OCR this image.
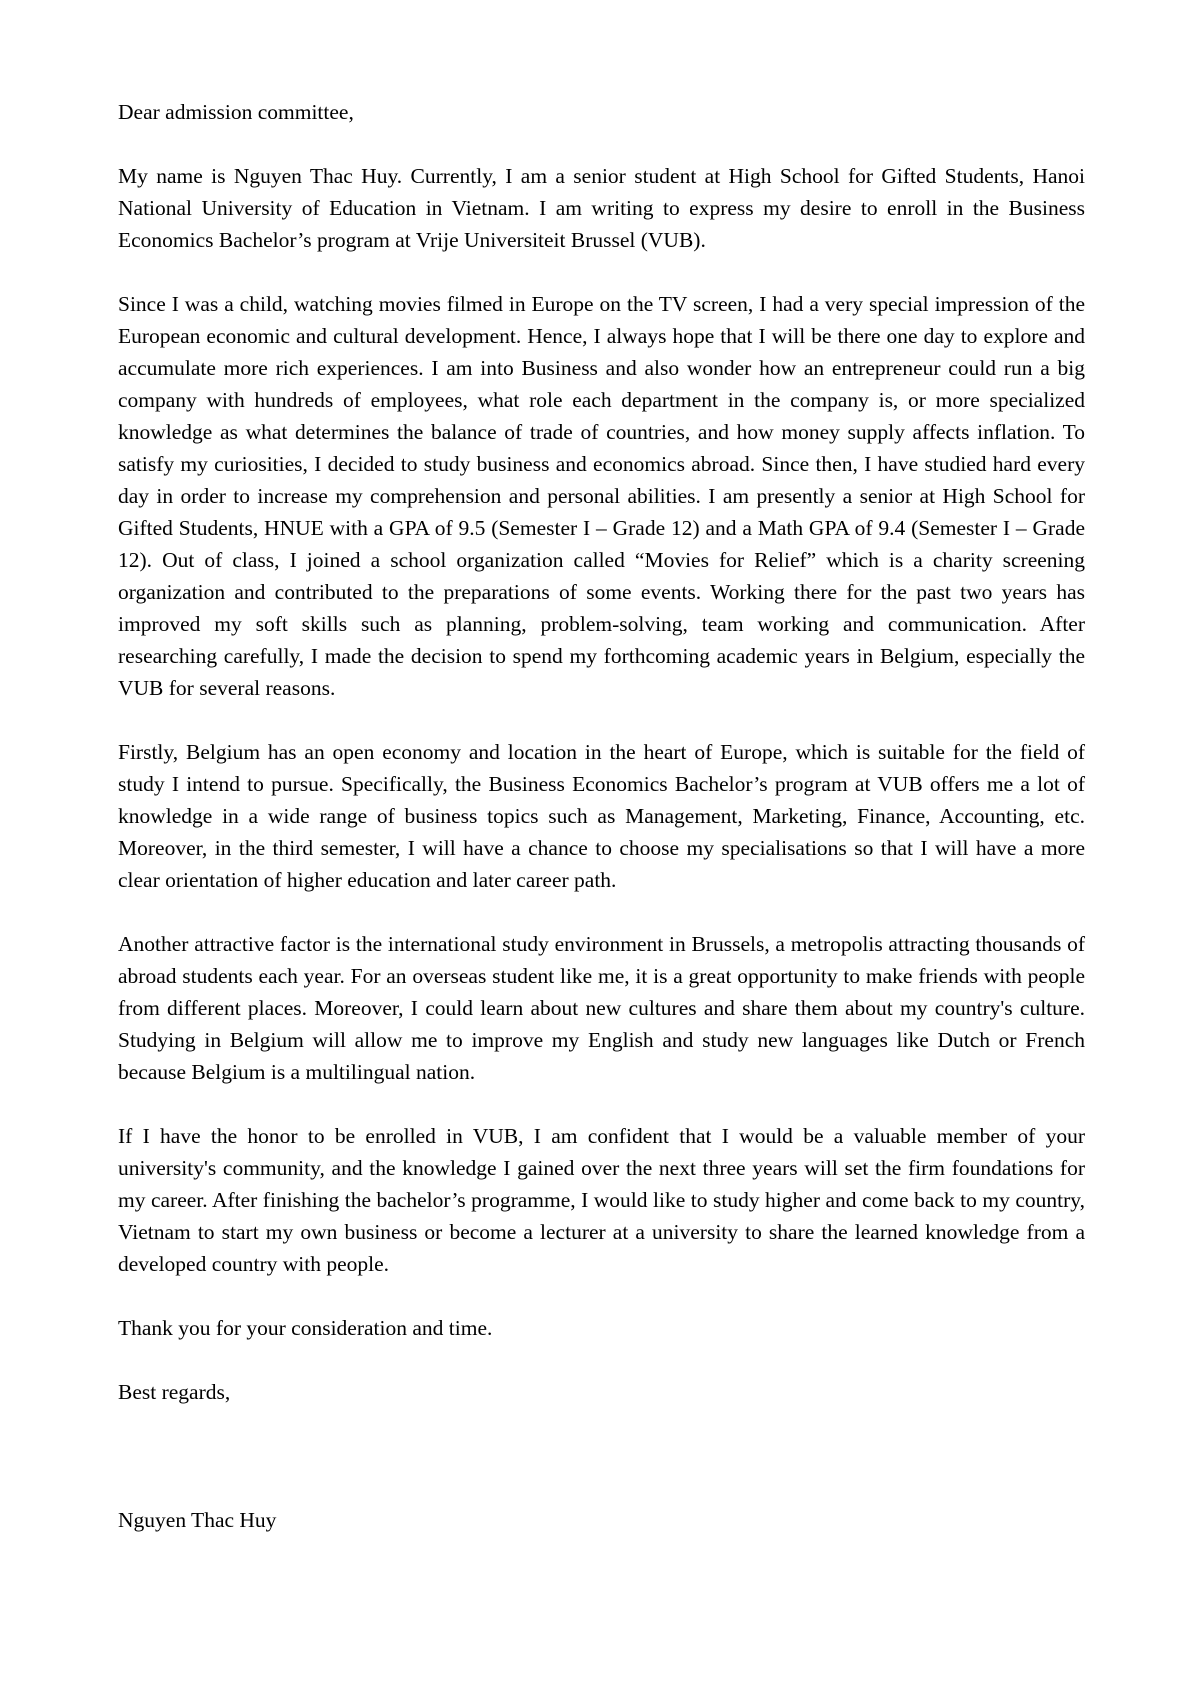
Dear admission committee,

My name is Nguyen Thac Huy. Currently, I am a senior student at High School for Gifted Students, Hanoi National University of Education in Vietnam. I am writing to express my desire to enroll in the Business Economics Bachelor’s program at Vrije Universiteit Brussel (VUB).

Since I was a child, watching movies filmed in Europe on the TV screen, I had a very special impression of the European economic and cultural development. Hence, I always hope that I will be there one day to explore and accumulate more rich experiences. I am into Business and also wonder how an entrepreneur could run a big company with hundreds of employees, what role each department in the company is, or more specialized knowledge as what determines the balance of trade of countries, and how money supply affects inflation. To satisfy my curiosities, I decided to study business and economics abroad. Since then, I have studied hard every day in order to increase my comprehension and personal abilities. I am presently a senior at High School for Gifted Students, HNUE with a GPA of 9.5 (Semester I – Grade 12) and a Math GPA of 9.4 (Semester I – Grade 12). Out of class, I joined a school organization called “Movies for Relief” which is a charity screening organization and contributed to the preparations of some events. Working there for the past two years has improved my soft skills such as planning, problem-solving, team working and communication. After researching carefully, I made the decision to spend my forthcoming academic years in Belgium, especially the VUB for several reasons.

Firstly, Belgium has an open economy and location in the heart of Europe, which is suitable for the field of study I intend to pursue. Specifically, the Business Economics Bachelor’s program at VUB offers me a lot of knowledge in a wide range of business topics such as Management, Marketing, Finance, Accounting, etc. Moreover, in the third semester, I will have a chance to choose my specialisations so that I will have a more clear orientation of higher education and later career path.

Another attractive factor is the international study environment in Brussels, a metropolis attracting thousands of abroad students each year. For an overseas student like me, it is a great opportunity to make friends with people from different places. Moreover, I could learn about new cultures and share them about my country's culture. Studying in Belgium will allow me to improve my English and study new languages like Dutch or French because Belgium is a multilingual nation.

If I have the honor to be enrolled in VUB, I am confident that I would be a valuable member of your university's community, and the knowledge I gained over the next three years will set the firm foundations for my career. After finishing the bachelor’s programme, I would like to study higher and come back to my country, Vietnam to start my own business or become a lecturer at a university to share the learned knowledge from a developed country with people.

Thank you for your consideration and time.

Best regards,

Nguyen Thac Huy
